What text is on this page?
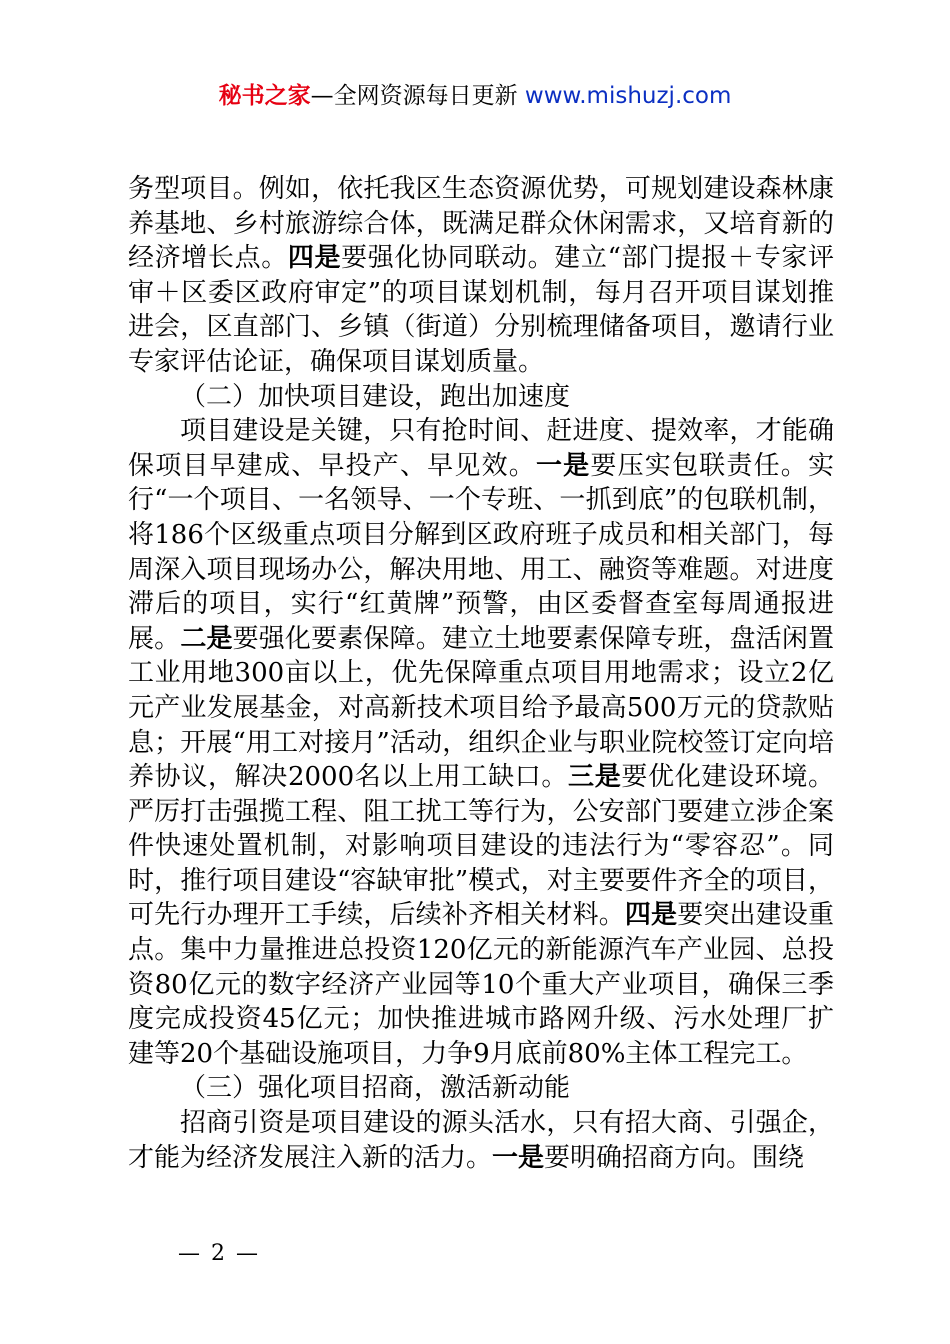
秘书之家—全网资源每日更新 www.mishuzj.com

务型项目。例如，依托我区生态资源优势，可规划建设森林康养基地、乡村旅游综合体，既满足群众休闲需求，又培育新的经济增长点。四是要强化协同联动。建立“部门提报＋专家评审＋区委区政府审定”的项目谋划机制，每月召开项目谋划推进会，区直部门、乡镇（街道）分别梳理储备项目，邀请行业专家评估论证，确保项目谋划质量。

（二）加快项目建设，跑出加速度

项目建设是关键，只有抢时间、赶进度、提效率，才能确保项目早建成、早投产、早见效。一是要压实包联责任。实行“一个项目、一名领导、一个专班、一抓到底”的包联机制，将186个区级重点项目分解到区政府班子成员和相关部门，每周深入项目现场办公，解决用地、用工、融资等难题。对进度滞后的项目，实行“红黄牌”预警，由区委督查室每周通报进展。二是要强化要素保障。建立土地要素保障专班，盘活闲置工业用地300亩以上，优先保障重点项目用地需求；设立2亿元产业发展基金，对高新技术项目给予最高500万元的贷款贴息；开展“用工对接月”活动，组织企业与职业院校签订定向培养协议，解决2000名以上用工缺口。三是要优化建设环境。严厉打击强揽工程、阻工扰工等行为，公安部门要建立涉企案件快速处置机制，对影响项目建设的违法行为“零容忍”。同时，推行项目建设“容缺审批”模式，对主要要件齐全的项目，可先行办理开工手续，后续补齐相关材料。四是要突出建设重点。集中力量推进总投资120亿元的新能源汽车产业园、总投资80亿元的数字经济产业园等10个重大产业项目，确保三季度完成投资45亿元；加快推进城市路网升级、污水处理厂扩建等20个基础设施项目，力争9月底前80%主体工程完工。

（三）强化项目招商，激活新动能

招商引资是项目建设的源头活水，只有招大商、引强企，才能为经济发展注入新的活力。一是要明确招商方向。围绕

— 2 —
